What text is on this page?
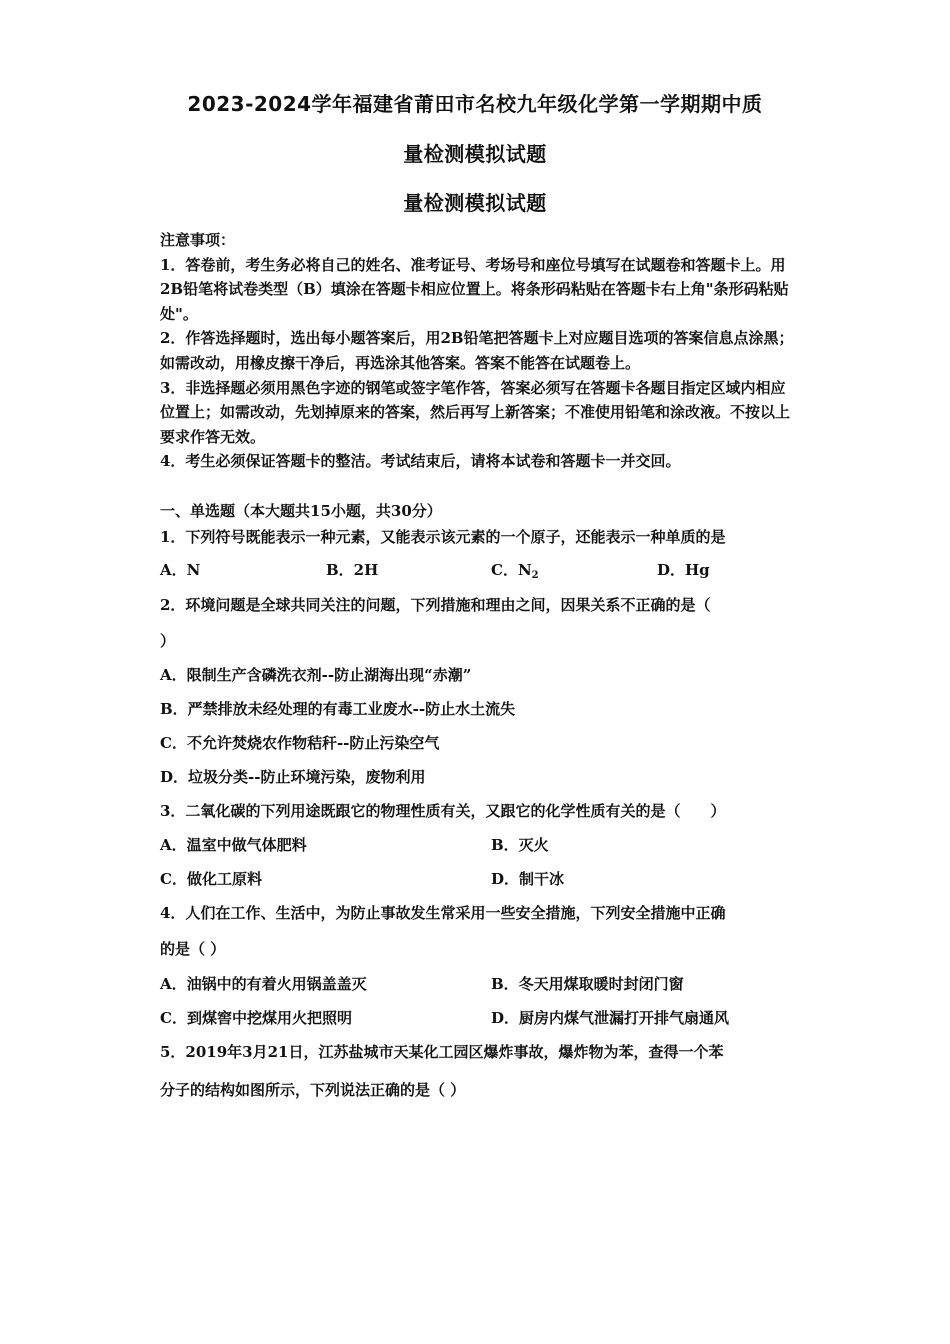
2023-2024学年福建省莆田市名校九年级化学第一学期期中质
量检测模拟试题
量检测模拟试题

注意事项：

1．答卷前，考生务必将自己的姓名、准考证号、考场号和座位号填写在试题卷和答题卡上。用2B铅笔将试卷类型（B）填涂在答题卡相应位置上。将条形码粘贴在答题卡右上角"条形码粘贴处"。

2．作答选择题时，选出每小题答案后，用2B铅笔把答题卡上对应题目选项的答案信息点涂黑；如需改动，用橡皮擦干净后，再选涂其他答案。答案不能答在试题卷上。

3．非选择题必须用黑色字迹的钢笔或签字笔作答，答案必须写在答题卡各题目指定区域内相应位置上；如需改动，先划掉原来的答案，然后再写上新答案；不准使用铅笔和涂改液。不按以上要求作答无效。

4．考生必须保证答题卡的整洁。考试结束后，请将本试卷和答题卡一并交回。

一、单选题（本大题共15小题，共30分）
1．下列符号既能表示一种元素，又能表示该元素的一个原子，还能表示一种单质的是
A．N	B．2H	C．$N_2$	D．Hg
2．环境问题是全球共同关注的问题，下列措施和理由之间，因果关系不正确的是（
）
A．限制生产含磷洗衣剂--防止湖海出现“赤潮”
B．严禁排放未经处理的有毒工业废水--防止水土流失
C．不允许焚烧农作物秸秆--防止污染空气
D．垃圾分类--防止环境污染，废物利用
3．二氧化碳的下列用途既跟它的物理性质有关，又跟它的化学性质有关的是（　　）
A．温室中做气体肥料	B．灭火
C．做化工原料	D．制干冰
4．人们在工作、生活中，为防止事故发生常采用一些安全措施，下列安全措施中正确
的是（ ）
A．油锅中的有着火用锅盖盖灭	B．冬天用煤取暖时封闭门窗
C．到煤窖中挖煤用火把照明	D．厨房内煤气泄漏打开排气扇通风
5．2019年3月21日，江苏盐城市天某化工园区爆炸事故，爆炸物为苯，查得一个苯
分子的结构如图所示，下列说法正确的是（ ）
